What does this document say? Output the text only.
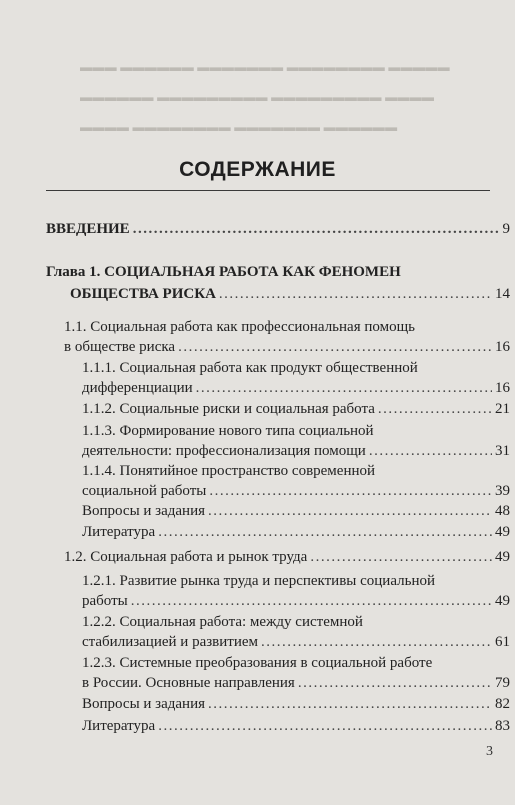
▬▬▬ ▬▬▬▬▬▬ ▬▬▬▬▬▬▬ ▬▬▬▬▬▬▬▬ ▬▬▬▬▬
▬▬▬▬▬▬ ▬▬▬▬▬▬▬▬▬ ▬▬▬▬▬▬▬▬▬ ▬▬▬▬
▬▬▬▬ ▬▬▬▬▬▬▬▬ ▬▬▬▬▬▬▬ ▬▬▬▬▬▬
СОДЕРЖАНИЕ
ВВЕДЕНИЕ .....	9
Глава 1. СОЦИАЛЬНАЯ РАБОТА КАК ФЕНОМЕН
ОБЩЕСТВА РИСКА .....	14
1.1. Социальная работа как профессиональная помощь
в обществе риска .....	16
1.1.1. Социальная работа как продукт общественной
дифференциации .....	16
1.1.2. Социальные риски и социальная работа .....	21
1.1.3. Формирование нового типа социальной
деятельности: профессионализация помощи .....	31
1.1.4. Понятийное пространство современной
социальной работы .....	39
Вопросы и задания .....	48
Литература .....	49
1.2. Социальная работа и рынок труда .....	49
1.2.1. Развитие рынка труда и перспективы социальной
работы .....	49
1.2.2. Социальная работа: между системной
стабилизацией и развитием .....	61
1.2.3. Системные преобразования в социальной работе
в России. Основные направления .....	79
Вопросы и задания .....	82
Литература .....	83
3
